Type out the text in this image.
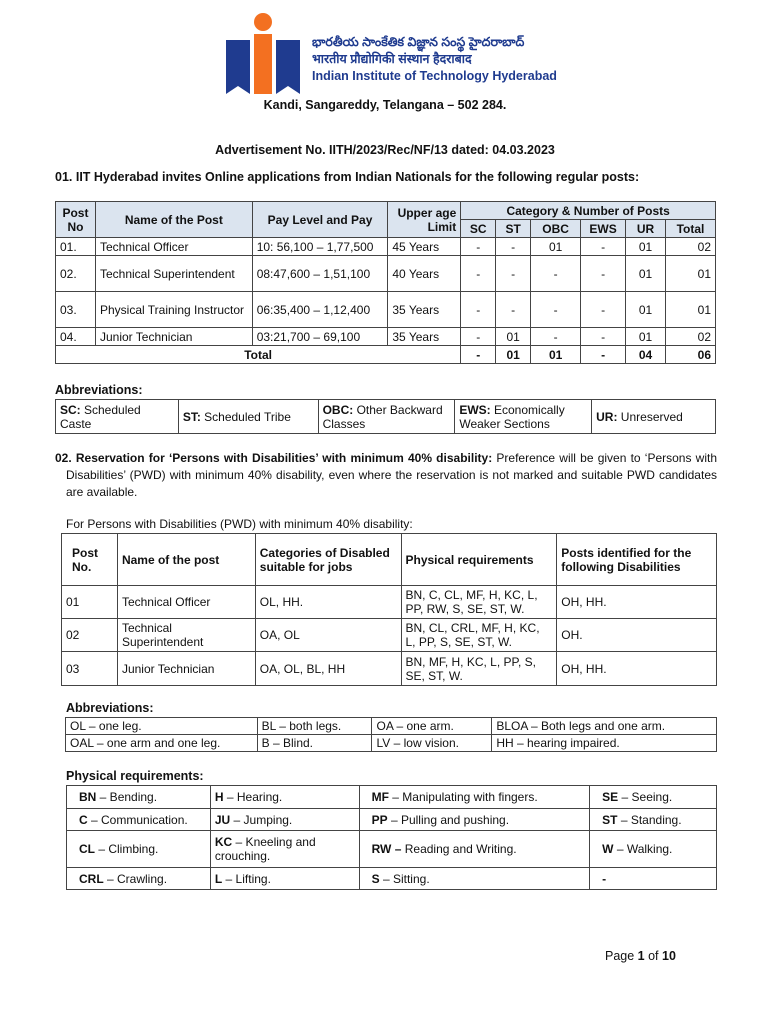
భారతీయ సాంకేతిక విజ్ఞాన సంస్థ హైదరాబాద్
भारतीय प्रौद्योगिकी संस्थान हैदराबाद
Indian Institute of Technology Hyderabad
Kandi, Sangareddy, Telangana – 502 284.
Advertisement No. IITH/2023/Rec/NF/13 dated: 04.03.2023
01. IIT Hyderabad invites Online applications from Indian Nationals for the following regular posts:
Post No	Name of the Post	Pay Level and Pay	Upper age Limit	Category & Number of Posts					
				SC	ST	OBC	EWS	UR	Total
01.	Technical Officer	10: 56,100 – 1,77,500	45 Years	-	-	01	-	01	02
02.	Technical Superintendent	08:47,600 – 1,51,100	40 Years	-	-	-	-	01	01
03.	Physical Training Instructor	06:35,400 – 1,12,400	35 Years	-	-	-	-	01	01
04.	Junior Technician	03:21,700 – 69,100	35 Years	-	01	-	-	01	02
Total				-	01	01	-	04	06
Abbreviations:
SC: Scheduled Caste	ST: Scheduled Tribe	OBC: Other Backward Classes	EWS: Economically Weaker Sections	UR: Unreserved
02. Reservation for ‘Persons with Disabilities’ with minimum 40% disability: Preference will be given to ‘Persons with Disabilities’ (PWD) with minimum 40% disability, even where the reservation is not marked and suitable PWD candidates are available.
For Persons with Disabilities (PWD) with minimum 40% disability:
Post No.	Name of the post	Categories of Disabled suitable for jobs	Physical requirements	Posts identified for the following Disabilities
01	Technical Officer	OL, HH.	BN, C, CL, MF, H, KC, L, PP, RW, S, SE, ST, W.	OH, HH.
02	Technical Superintendent	OA, OL	BN, CL, CRL, MF, H, KC, L, PP, S, SE, ST, W.	OH.
03	Junior Technician	OA, OL, BL, HH	BN, MF, H, KC, L, PP, S, SE, ST, W.	OH, HH.
Abbreviations:
OL – one leg.	BL – both legs.	OA – one arm.	BLOA – Both legs and one arm.
OAL – one arm and one leg.	B – Blind.	LV – low vision.	HH – hearing impaired.
Physical requirements:
BN – Bending.	H – Hearing.	MF – Manipulating with fingers.	SE – Seeing.
C – Communication.	JU – Jumping.	PP – Pulling and pushing.	ST – Standing.
CL – Climbing.	KC – Kneeling and crouching.	RW – Reading and Writing.	W – Walking.
CRL – Crawling.	L – Lifting.	S – Sitting.	-
Page 1 of 10
